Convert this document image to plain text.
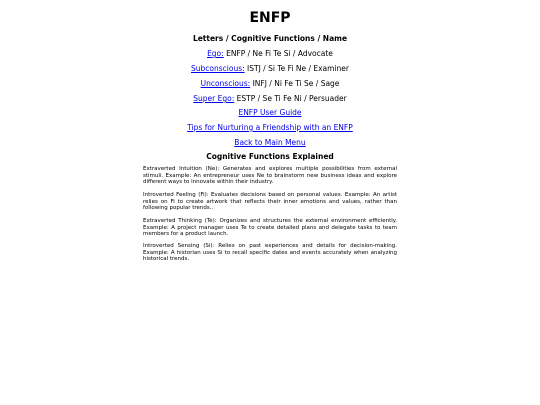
ENFP
Letters / Cognitive Functions / Name
Ego: ENFP / Ne Fi Te Si / Advocate
Subconscious: ISTJ / Si Te Fi Ne / Examiner
Unconscious: INFJ / Ni Fe Ti Se / Sage
Super Ego: ESTP / Se Ti Fe Ni / Persuader
ENFP User Guide
Tips for Nurturing a Friendship with an ENFP
Back to Main Menu
Cognitive Functions Explained

Extraverted Intuition (Ne): Generates and explores multiple possibilities from external stimuli. Example: An entrepreneur uses Ne to brainstorm new business ideas and explore different ways to innovate within their industry.

Introverted Feeling (Fi): Evaluates decisions based on personal values. Example: An artist relies on Fi to create artwork that reflects their inner emotions and values, rather than following popular trends..

Extraverted Thinking (Te): Organizes and structures the external environment efficiently. Example: A project manager uses Te to create detailed plans and delegate tasks to team members for a product launch.

Introverted Sensing (Si): Relies on past experiences and details for decision-making. Example: A historian uses Si to recall specific dates and events accurately when analyzing historical trends.
